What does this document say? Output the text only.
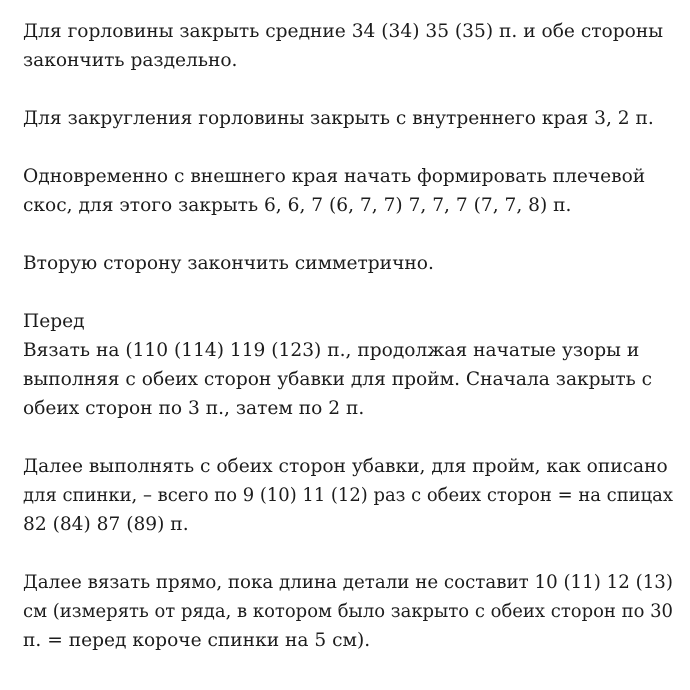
Для горловины закрыть средние 34 (34) 35 (35) п. и обе стороны
закончить раздельно.

Для закругления горловины закрыть с внутреннего края 3, 2 п.

Одновременно с внешнего края начать формировать плечевой
скос, для этого закрыть 6, 6, 7 (6, 7, 7) 7, 7, 7 (7, 7, 8) п.

Вторую сторону закончить симметрично.

Перед
Вязать на (110 (114) 119 (123) п., продолжая начатые узоры и
выполняя с обеих сторон убавки для пройм. Сначала закрыть с
обеих сторон по 3 п., затем по 2 п.

Далее выполнять с обеих сторон убавки, для пройм, как описано
для спинки, – всего по 9 (10) 11 (12) раз с обеих сторон = на спицах
82 (84) 87 (89) п.

Далее вязать прямо, пока длина детали не составит 10 (11) 12 (13)
см (измерять от ряда, в котором было закрыто с обеих сторон по 30
п. = перед короче спинки на 5 см).
